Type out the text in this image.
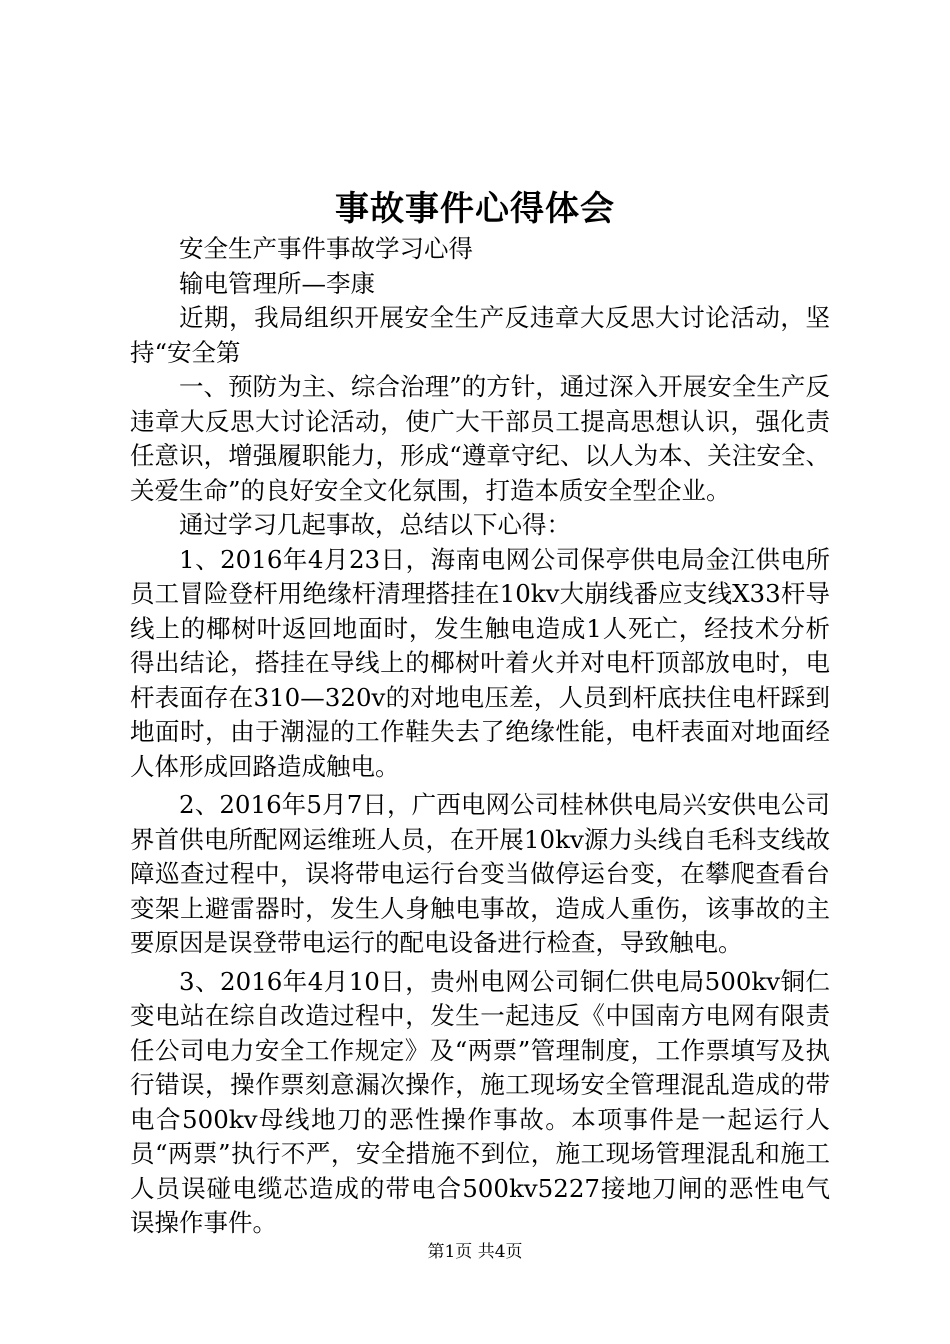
事故事件心得体会

安全生产事件事故学习心得

输电管理所—李康

近期，我局组织开展安全生产反违章大反思大讨论活动，坚持“安全第

一、预防为主、综合治理”的方针，通过深入开展安全生产反违章大反思大讨论活动，使广大干部员工提高思想认识，强化责任意识，增强履职能力，形成“遵章守纪、以人为本、关注安全、关爱生命”的良好安全文化氛围，打造本质安全型企业。

通过学习几起事故，总结以下心得：

1、2016年4月23日，海南电网公司保亭供电局金江供电所员工冒险登杆用绝缘杆清理搭挂在10kv大崩线番应支线X33杆导线上的椰树叶返回地面时，发生触电造成1人死亡，经技术分析得出结论，搭挂在导线上的椰树叶着火并对电杆顶部放电时，电杆表面存在310—320v的对地电压差，人员到杆底扶住电杆踩到地面时，由于潮湿的工作鞋失去了绝缘性能，电杆表面对地面经人体形成回路造成触电。

2、2016年5月7日，广西电网公司桂林供电局兴安供电公司界首供电所配网运维班人员，在开展10kv源力头线自毛科支线故障巡查过程中，误将带电运行台变当做停运台变，在攀爬查看台变架上避雷器时，发生人身触电事故，造成人重伤，该事故的主要原因是误登带电运行的配电设备进行检查，导致触电。

3、2016年4月10日，贵州电网公司铜仁供电局500kv铜仁变电站在综自改造过程中，发生一起违反《中国南方电网有限责任公司电力安全工作规定》及“两票”管理制度，工作票填写及执行错误，操作票刻意漏次操作，施工现场安全管理混乱造成的带电合500kv母线地刀的恶性操作事故。本项事件是一起运行人员“两票”执行不严，安全措施不到位，施工现场管理混乱和施工人员误碰电缆芯造成的带电合500kv5227接地刀闸的恶性电气误操作事件。

第1页 共4页
